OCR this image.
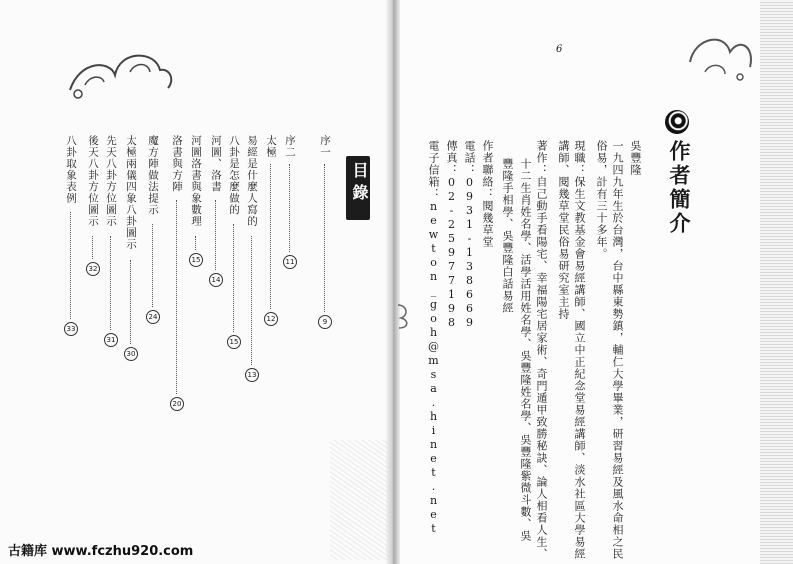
目錄
序一
9
序二
11
太極
12
易經是什麼人寫的
13
八卦是怎麼做的
15
河圖、洛書
14
河圖洛書與象數理
15
洛書與方陣
20
魔方陣做法提示
24
太極兩儀四象八卦圖示
30
先天八卦方位圖示
31
後天八卦方位圖示
32
八卦取象表例
33
6
作者簡介
吳豐隆
一九四九年生於台灣，台中縣東勢鎮，輔仁大學畢業，研習易經及風水命相之民
俗易，計有三十多年。
現職：保生文教基金會易經講師、國立中正紀念堂易經講師、淡水社區大學易經
講師、閱幾草堂民俗易研究室主持
著作：自己動手看陽宅、幸福陽宅居家術、奇門遁甲致勝秘訣、論人相看人生、
十二生肖姓名學、活學活用姓名學、吳豐隆姓名學、吳豐隆紫微斗數、吳
豐隆手相學、吳豐隆白話易經
作者聯絡：閱幾草堂
電話：0931-138669
傳真：02-25977198
電子信箱：newton_goh@msa.hinet.net
古籍库 www.fczhu920.com
